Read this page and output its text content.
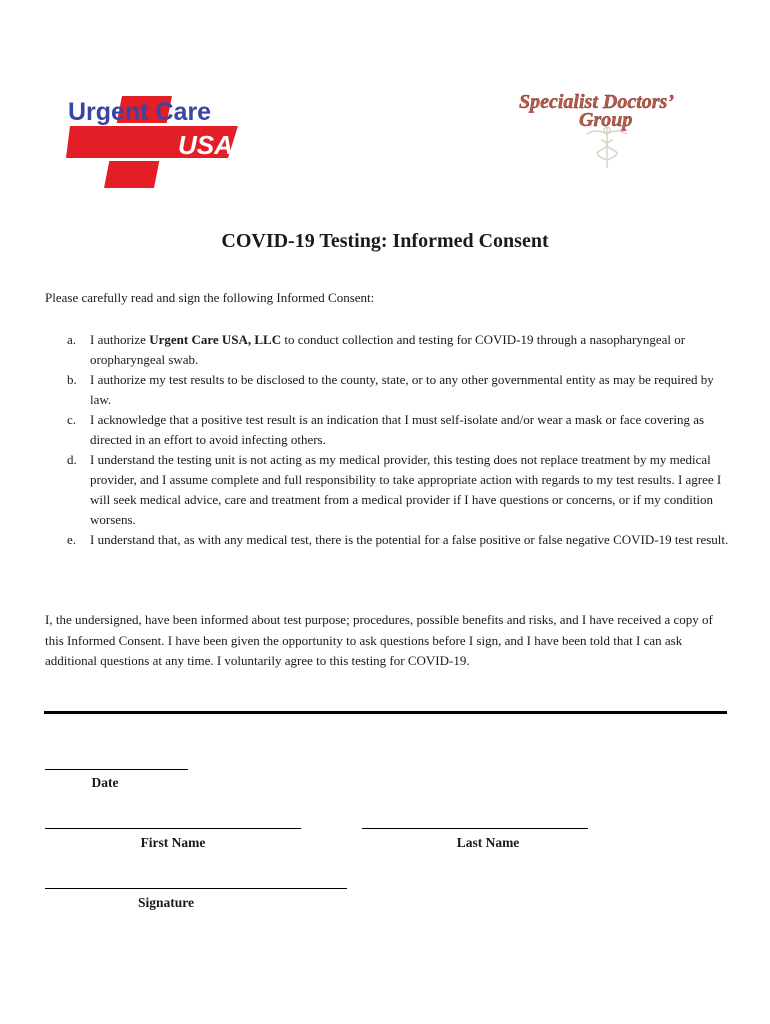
Urgent Care
USA
Specialist Doctors’
Group
COVID-19 Testing: Informed Consent
Please carefully read and sign the following Informed Consent:
a. I authorize Urgent Care USA, LLC to conduct collection and testing for COVID-19 through a nasopharyngeal or oropharyngeal swab.
b. I authorize my test results to be disclosed to the county, state, or to any other governmental entity as may be required by law.
c. I acknowledge that a positive test result is an indication that I must self-isolate and/or wear a mask or face covering as directed in an effort to avoid infecting others.
d. I understand the testing unit is not acting as my medical provider, this testing does not replace treatment by my medical provider, and I assume complete and full responsibility to take appropriate action with regards to my test results. I agree I will seek medical advice, care and treatment from a medical provider if I have questions or concerns, or if my condition worsens.
e. I understand that, as with any medical test, there is the potential for a false positive or false negative COVID-19 test result.
I, the undersigned, have been informed about test purpose; procedures, possible benefits and risks, and I have received a copy of this Informed Consent. I have been given the opportunity to ask questions before I sign, and I have been told that I can ask additional questions at any time. I voluntarily agree to this testing for COVID-19.
Date
First Name	Last Name
Signature
